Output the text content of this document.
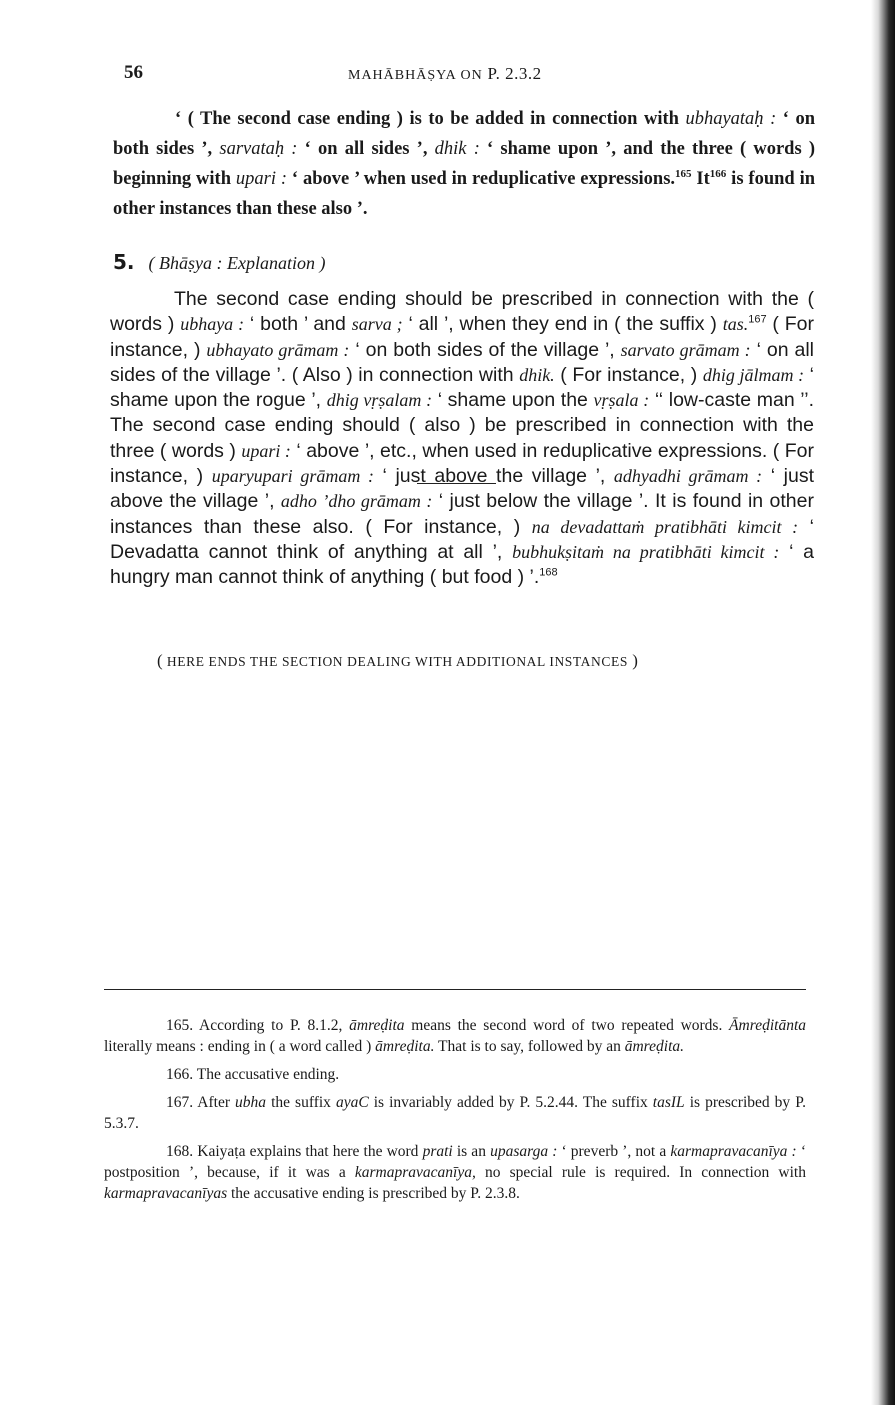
56	MAHĀBHĀṢYA ON P. 2.3.2

‘ ( The second case ending ) is to be added in connection with ubhayataḥ : ‘ on both sides ’, sarvataḥ : ‘ on all sides ’, dhik : ‘ shame upon ’, and the three ( words ) beginning with upari : ‘ above ’ when used in reduplicative expressions.$^{165}$ It$^{166}$ is found in other instances than these also ’.

5. ( Bhāṣya : Explanation )

The second case ending should be prescribed in connection with the ( words ) ubhaya : ‘ both ’ and sarva ; ‘ all ’, when they end in ( the suffix ) tas.$^{167}$ ( For instance, ) ubhayato grāmam : ‘ on both sides of the village ’, sarvato grāmam : ‘ on all sides of the village ’. ( Also ) in connection with dhik. ( For instance, ) dhig jālmam : ‘ shame upon the rogue ’, dhig vṛṣalam : ‘ shame upon the vṛṣala : ‘‘ low-caste man ’’. The second case ending should ( also ) be prescribed in connection with the three ( words ) upari : ‘ above ’, etc., when used in reduplicative expressions. ( For instance, ) uparyupari grāmam : ‘ just above the village ’, adhyadhi grāmam : ‘ just above the village ’, adho ’dho grāmam : ‘ just below the village ’. It is found in other instances than these also. ( For instance, ) na devadattaṁ pratibhāti kimcit : ‘ Devadatta cannot think of anything at all ’, bubhukṣitaṁ na pratibhāti kimcit : ‘ a hungry man cannot think of anything ( but food ) ’.$^{168}$

( HERE ENDS THE SECTION DEALING WITH ADDITIONAL INSTANCES )

165. According to P. 8.1.2, āmreḍita means the second word of two repeated words. Āmreḍitānta literally means : ending in ( a word called ) āmreḍita. That is to say, followed by an āmreḍita.

166. The accusative ending.

167. After ubha the suffix ayaC is invariably added by P. 5.2.44. The suffix tasIL is prescribed by P. 5.3.7.

168. Kaiyaṭa explains that here the word prati is an upasarga : ‘ preverb ’, not a karmapravacanīya : ‘ postposition ’, because, if it was a karmapravacanīya, no special rule is required. In connection with karmapravacanīyas the accusative ending is prescribed by P. 2.3.8.
